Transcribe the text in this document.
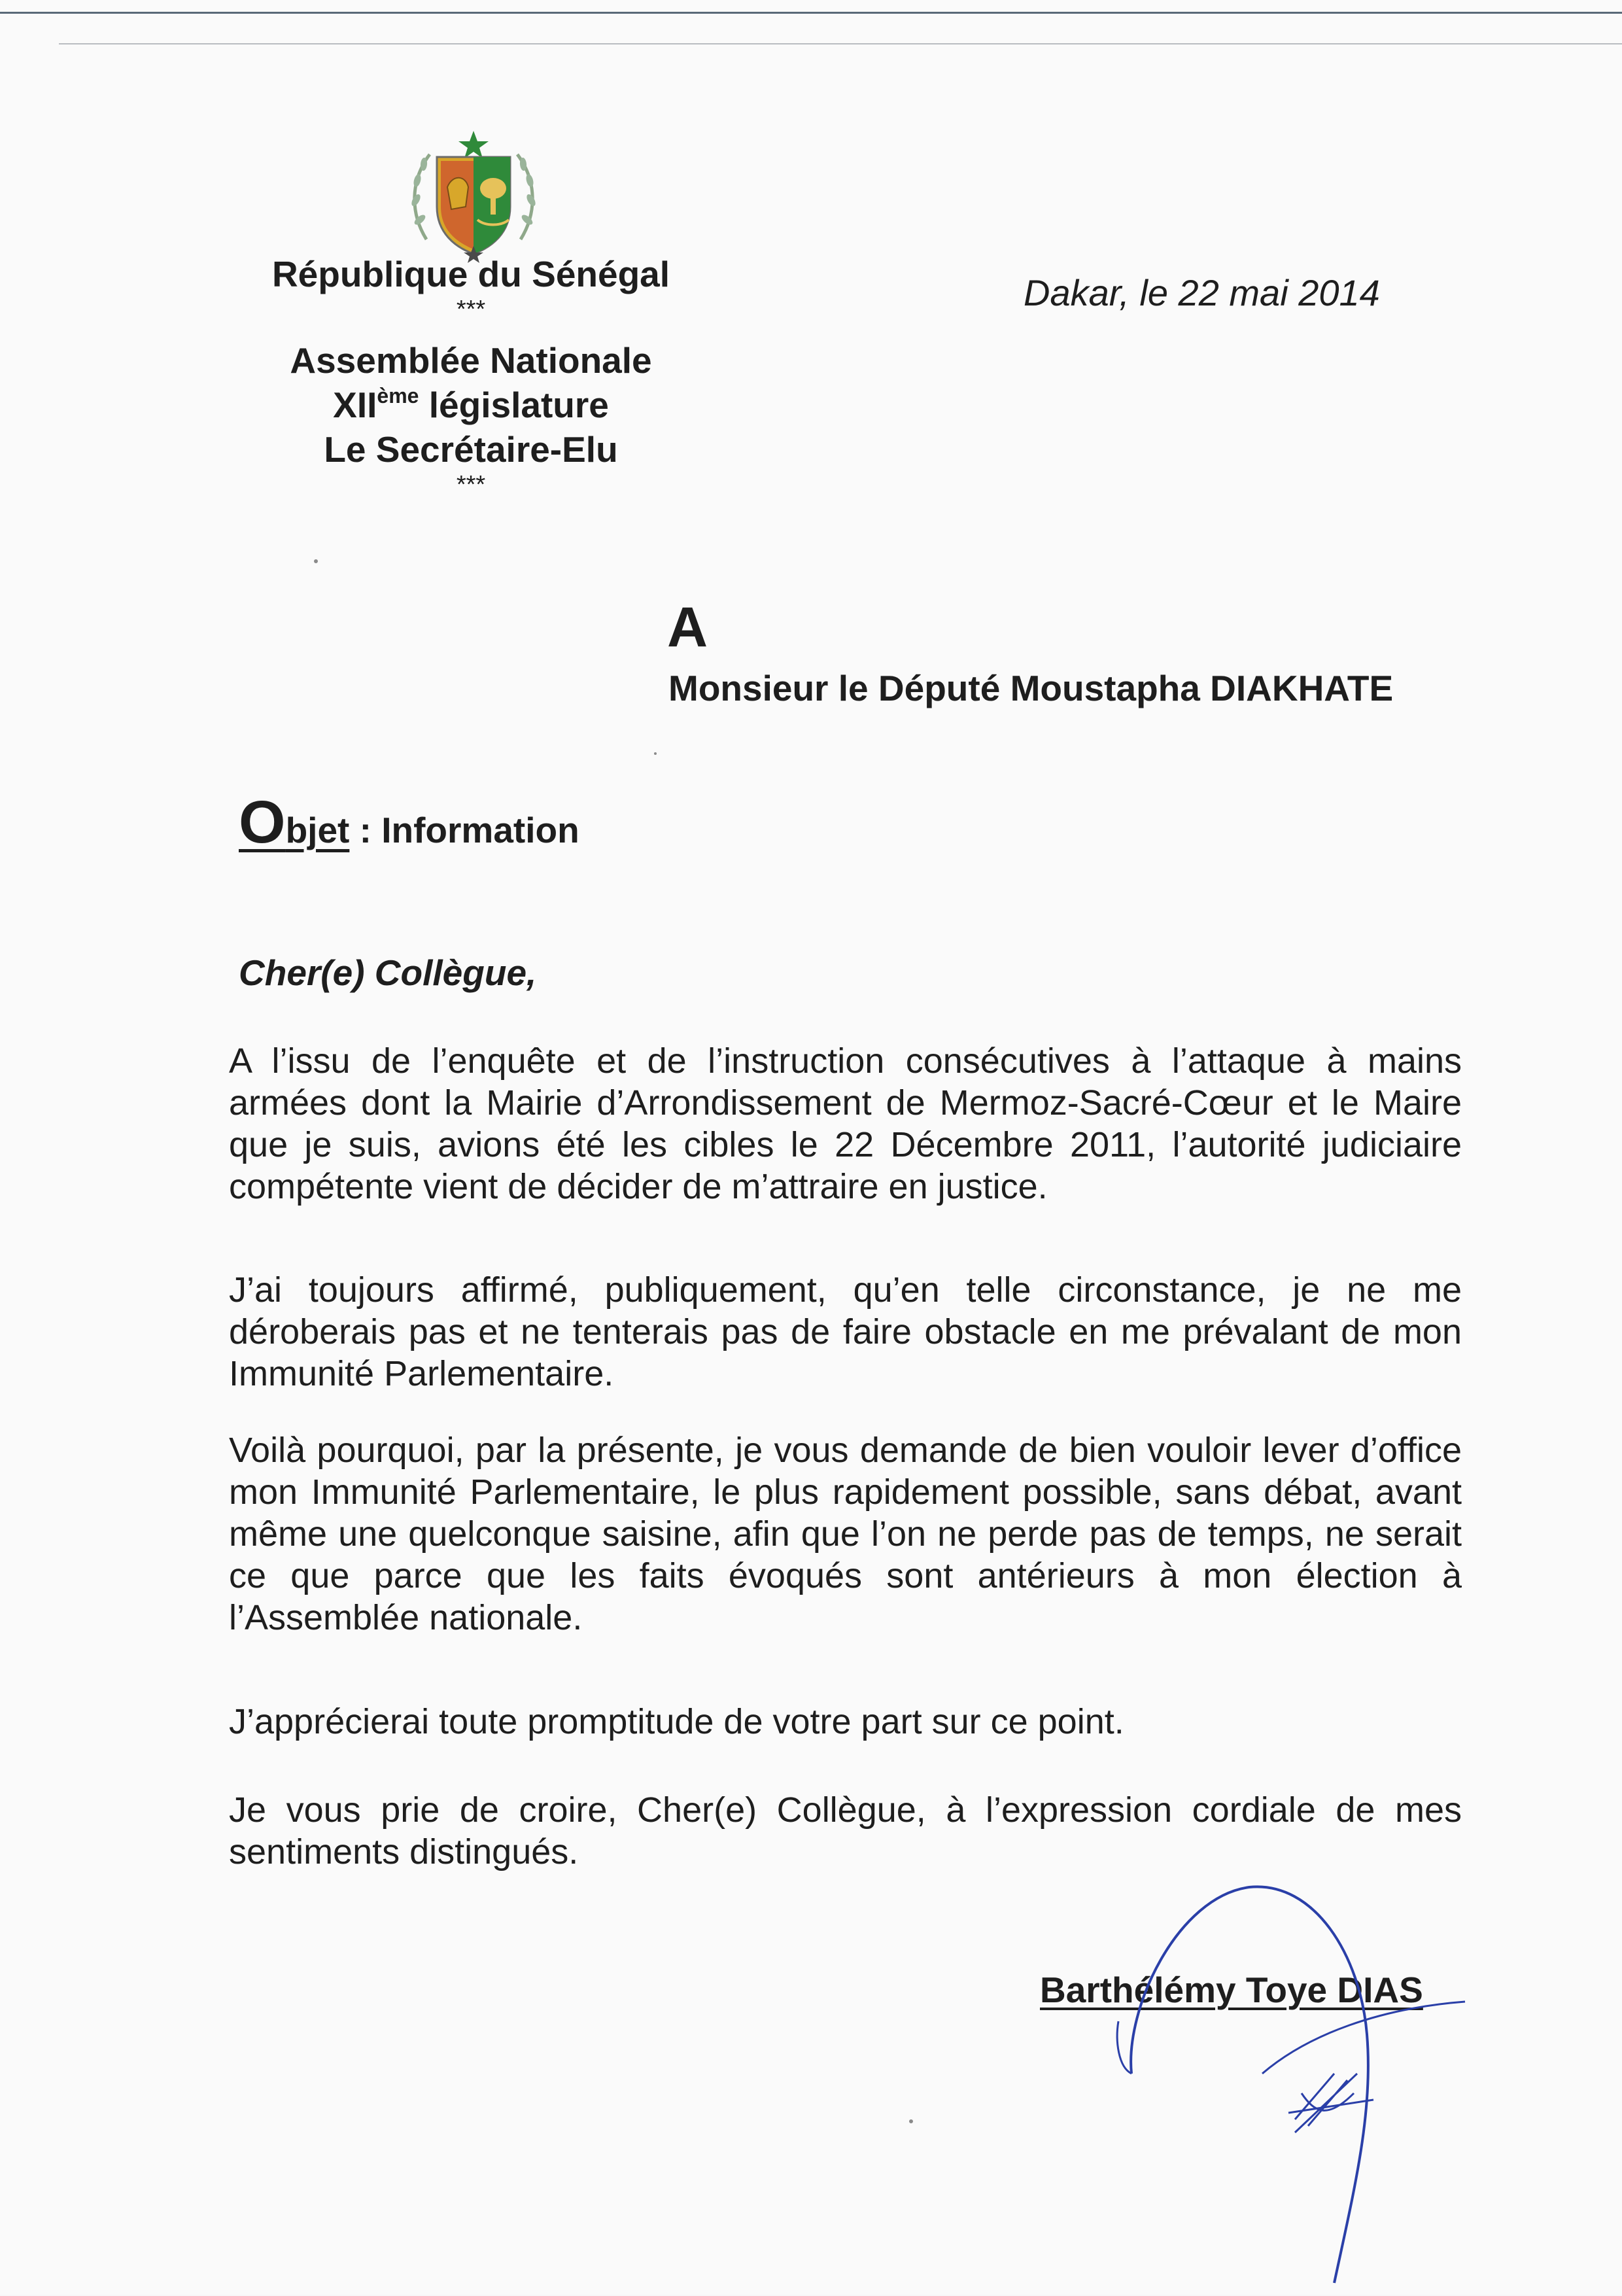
République du Sénégal
***
Assemblée Nationale
XIIème législature
Le Secrétaire-Elu
***
Dakar, le 22 mai 2014
A
Monsieur le Député Moustapha DIAKHATE
Objet : Information
Cher(e) Collègue,
A l’issu de l’enquête et de l’instruction consécutives à l’attaque à mains armées dont la Mairie d’Arrondissement de Mermoz-Sacré-Cœur et le Maire que je suis, avions été les cibles le 22 Décembre 2011, l’autorité judiciaire compétente vient de décider de m’attraire en justice.
J’ai toujours affirmé, publiquement, qu’en telle circonstance, je ne me déroberais pas et ne tenterais pas de faire obstacle en me prévalant de mon Immunité Parlementaire.
Voilà pourquoi, par la présente, je vous demande de bien vouloir lever d’office mon Immunité Parlementaire, le plus rapidement possible, sans débat, avant même une quelconque saisine, afin que l’on ne perde pas de temps, ne serait ce que parce que les faits évoqués sont antérieurs à mon élection à l’Assemblée nationale.
J’apprécierai toute promptitude de votre part sur ce point.
Je vous prie de croire, Cher(e) Collègue, à l’expression cordiale de mes sentiments distingués.
Barthélémy Toye DIAS
